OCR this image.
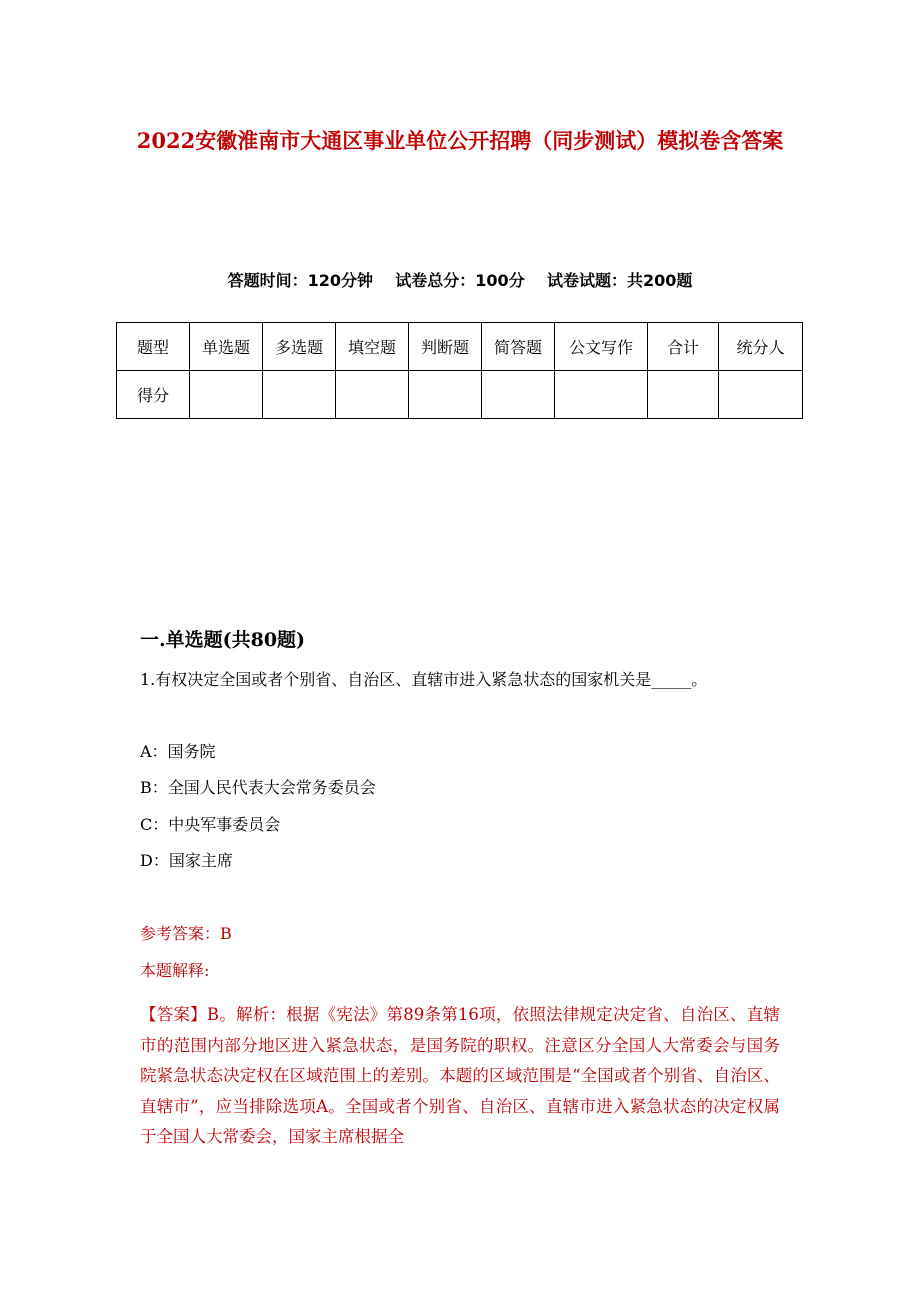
2022安徽淮南市大通区事业单位公开招聘（同步测试）模拟卷含答案
答题时间：120分钟    试卷总分：100分    试卷试题：共200题
题型	单选题	多选题	填空题	判断题	简答题	公文写作	合计	统分人
得分								
一.单选题(共80题)
1.有权决定全国或者个别省、自治区、直辖市进入紧急状态的国家机关是_____。
A：国务院
B：全国人民代表大会常务委员会
C：中央军事委员会
D：国家主席
参考答案：B
本题解释:
【答案】B。解析：根据《宪法》第89条第16项，依照法律规定决定省、自治区、直辖市的范围内部分地区进入紧急状态，是国务院的职权。注意区分全国人大常委会与国务院紧急状态决定权在区域范围上的差别。本题的区域范围是“全国或者个别省、自治区、直辖市”，应当排除选项A。全国或者个别省、自治区、直辖市进入紧急状态的决定权属于全国人大常委会，国家主席根据全
